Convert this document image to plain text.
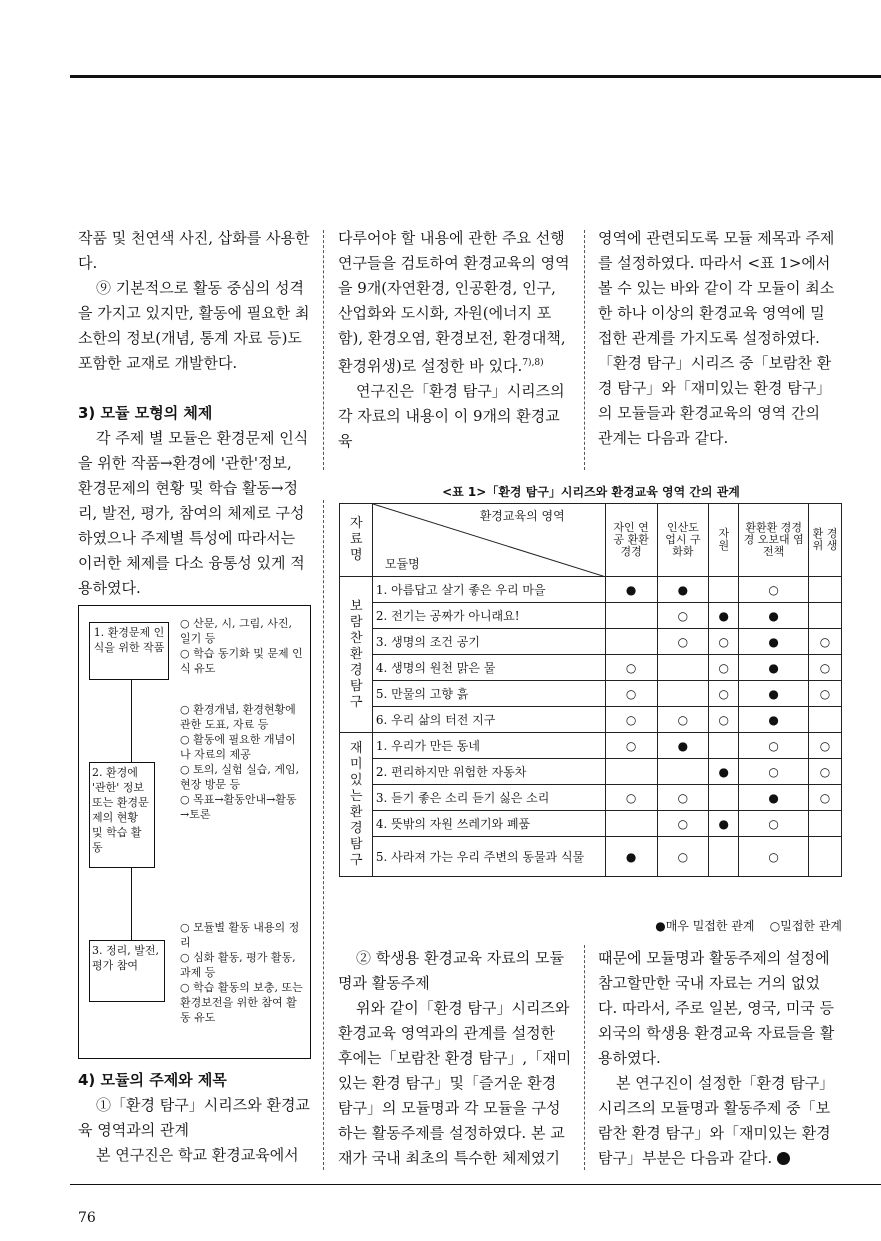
작품 및 천연색 사진, 삽화를 사용한다.

⑨ 기본적으로 활동 중심의 성격을 가지고 있지만, 활동에 필요한 최소한의 정보(개념, 통계 자료 등)도 포함한 교재로 개발한다.

3) 모듈 모형의 체제

각 주제 별 모듈은 환경문제 인식을 위한 작품→환경에 '관한'정보, 환경문제의 현황 및 학습 활동→정리, 발전, 평가, 참여의 체제로 구성하였으나 주제별 특성에 따라서는 이러한 체제를 다소 융통성 있게 적용하였다.

1. 환경문제 인식을 위한 작품
○ 산문, 시, 그림, 사진, 일기 등
○ 학습 동기화 및 문제 인식 유도
2. 환경에 '관한' 정보 또는 환경문제의 현황 및 학습 활동
○ 환경개념, 환경현황에 관한 도표, 자료 등
○ 활동에 필요한 개념이나 자료의 제공
○ 토의, 실험 실습, 게임, 현장 방문 등
○ 목표→활동안내→활동→토론
3. 정리, 발전, 평가 참여
○ 모듈별 활동 내용의 정리
○ 심화 활동, 평가 활동, 과제 등
○ 학습 활동의 보충, 또는 환경보전을 위한 참여 활동 유도

4) 모듈의 주제와 제목

①「환경 탐구」시리즈와 환경교육 영역과의 관계

본 연구진은 학교 환경교육에서

다루어야 할 내용에 관한 주요 선행 연구들을 검토하여 환경교육의 영역을 9개(자연환경, 인공환경, 인구, 산업화와 도시화, 자원(에너지 포함), 환경오염, 환경보전, 환경대책, 환경위생)로 설정한 바 있다.$^{7),8)}$

연구진은「환경 탐구」시리즈의 각 자료의 내용이 이 9개의 환경교육

영역에 관련되도록 모듈 제목과 주제를 설정하였다. 따라서 <표 1>에서 볼 수 있는 바와 같이 각 모듈이 최소한 하나 이상의 환경교육 영역에 밀접한 관계를 가지도록 설정하였다.「환경 탐구」시리즈 중「보람찬 환경 탐구」와「재미있는 환경 탐구」의 모듈들과 환경교육의 영역 간의 관계는 다음과 같다.

<표 1>「환경 탐구」시리즈와 환경교육 영역 간의 관계
자료명	환경교육의 영역
모듈명	자인 연공 환환 경경	인산도 업시 구화화	자 원	환환환 경경경 오보대 염전책	환 경 위 생

보람찬 환경 탐구	1. 아름답고 살기 좋은 우리 마을	●	●		○	
	2. 전기는 공짜가 아니래요!		○	●	●	
	3. 생명의 조건 공기		○	○	●	○
	4. 생명의 원천 맑은 물	○		○	●	○
	5. 만물의 고향 흙	○		○	●	○
	6. 우리 삶의 터전 지구	○	○	○	●	

재미있는 환경 탐구	1. 우리가 만든 동네	○	●		○	○
	2. 편리하지만 위험한 자동차			●	○	○
	3. 듣기 좋은 소리 듣기 싫은 소리	○	○		●	○
	4. 뜻밖의 자원 쓰레기와 폐품		○	●	○	
	5. 사라져 가는 우리 주변의 동물과 식물	●	○		○	
●매우 밀접한 관계 ○밀접한 관계

② 학생용 환경교육 자료의 모듈명과 활동주제

위와 같이「환경 탐구」시리즈와 환경교육 영역과의 관계를 설정한 후에는「보람찬 환경 탐구」,「재미있는 환경 탐구」및「즐거운 환경 탐구」의 모듈명과 각 모듈을 구성하는 활동주제를 설정하였다. 본 교재가 국내 최초의 특수한 체제였기

때문에 모듈명과 활동주제의 설정에 참고할만한 국내 자료는 거의 없었다. 따라서, 주로 일본, 영국, 미국 등 외국의 학생용 환경교육 자료들을 활용하였다.

본 연구진이 설정한「환경 탐구」시리즈의 모듈명과 활동주제 중「보람찬 환경 탐구」와「재미있는 환경 탐구」부분은 다음과 같다.

76
